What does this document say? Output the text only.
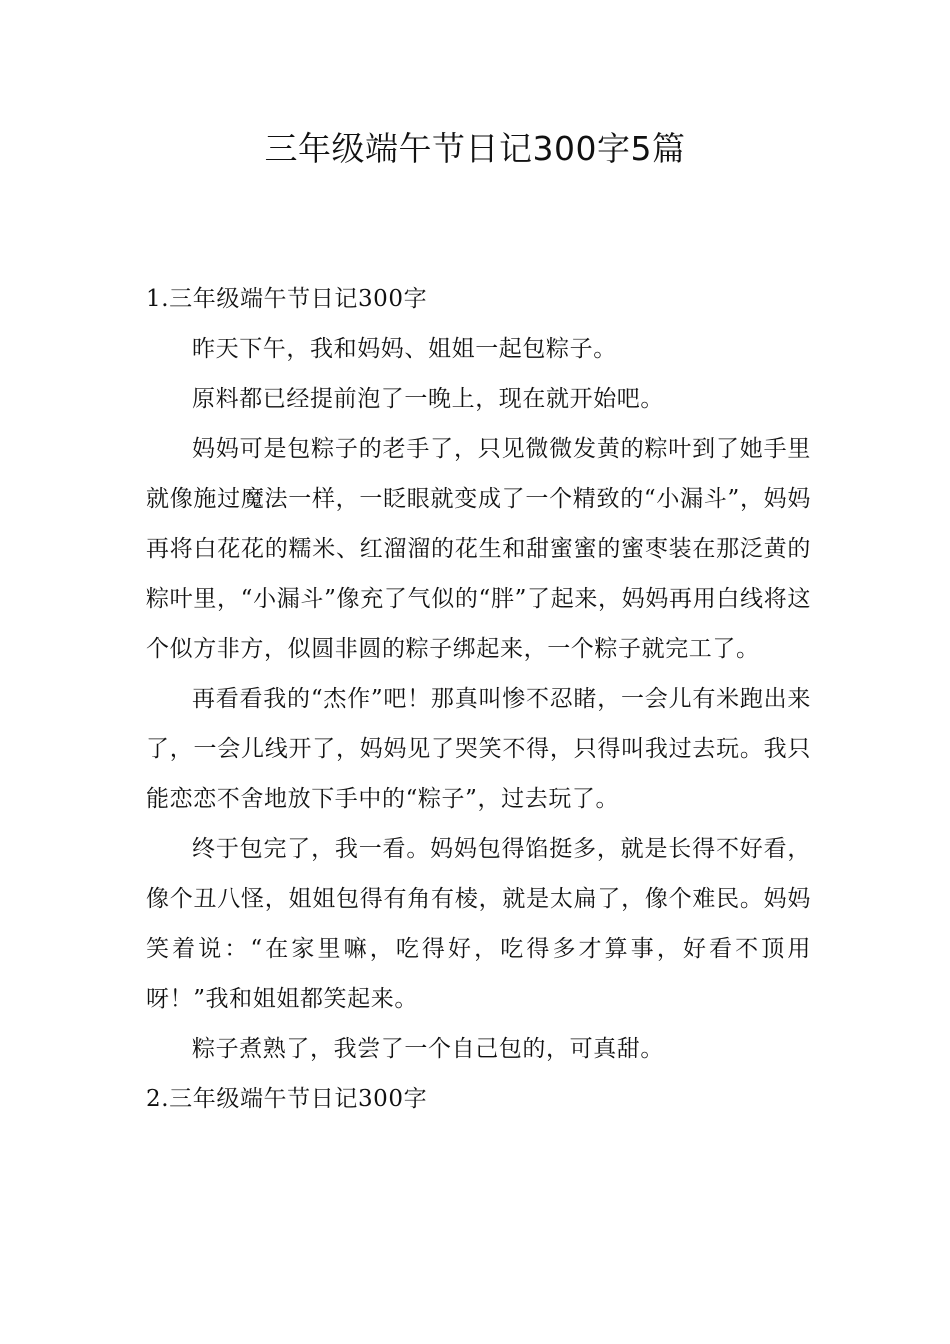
三年级端午节日记300字5篇
1.三年级端午节日记300字

昨天下午，我和妈妈、姐姐一起包粽子。

原料都已经提前泡了一晚上，现在就开始吧。

妈妈可是包粽子的老手了，只见微微发黄的粽叶到了她手里就像施过魔法一样，一眨眼就变成了一个精致的“小漏斗”，妈妈再将白花花的糯米、红溜溜的花生和甜蜜蜜的蜜枣装在那泛黄的粽叶里，“小漏斗”像充了气似的“胖”了起来，妈妈再用白线将这个似方非方，似圆非圆的粽子绑起来，一个粽子就完工了。

再看看我的“杰作”吧！那真叫惨不忍睹，一会儿有米跑出来了，一会儿线开了，妈妈见了哭笑不得，只得叫我过去玩。我只能恋恋不舍地放下手中的“粽子”，过去玩了。

终于包完了，我一看。妈妈包得馅挺多，就是长得不好看，像个丑八怪，姐姐包得有角有棱，就是太扁了，像个难民。妈妈笑着说：“在家里嘛，吃得好，吃得多才算事，好看不顶用呀！”我和姐姐都笑起来。

粽子煮熟了，我尝了一个自己包的，可真甜。

2.三年级端午节日记300字
